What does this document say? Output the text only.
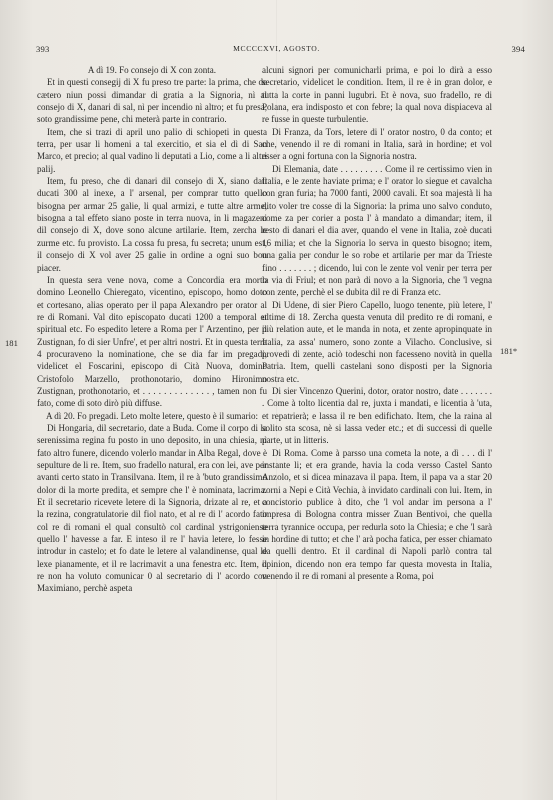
393	MCCCCXVI, AGOSTO.	394
181
181*

A dì 19. Fo consejo di X con zonta.

Et in questi consegij di X fu preso tre parte: la prima, che de cætero niun possi dimandar di gratia a la Signoria, nì al consejo di X, danari di sal, nì per incendio nì altro; et fu presa, soto grandissime pene, chi meterà parte in contrario.

Item, che si trazi di april uno palio di schiopeti in questa terra, per usar li homeni a tal exercitio, et sia el dì di San Marco, et precio; al qual vadino li deputati a Lio, come a li altri palij.

Item, fu preso, che di danari dil consejo di X, siano dati ducati 300 al inexe, a l' arsenal, per comprar tutto quello bisogna per armar 25 galie, li qual armizi, e tutte altre arme, bisogna a tal effeto siano poste in terra nuova, in li magazeni dil consejo di X, dove sono alcune artilarie. Item, zercha le zurme etc. fu provisto. La cossa fu presa, fu secreta; unum est, il consejo di X vol aver 25 galie in ordine a ogni suo bon piacer.

In questa sera vene nova, come a Concordia era morto domino Leonello Chieregato, vicentino, episcopo, homo doto et cortesano, alias operato per il papa Alexandro per orator al re di Romani. Val dito episcopato ducati 1200 a temporal et spiritual etc. Fo espedito letere a Roma per l' Arzentino, per il Zustignan, fo di sier Unfre', et per altri nostri. Et in questa terra 4 procuraveno la nominatione, che se dia far im pregadi, videlicet el Foscarini, episcopo di Cità Nuova, domino Cristofolo Marzello, prothonotario, domino Hironimo Zustignan, prothonotario, et . . . . . . . . . . . . . , tamen non fu fato, come di soto dirò più diffuse.

A dì 20. Fo pregadi. Leto molte letere, questo è il sumario:

Di Hongaria, dil secretario, date a Buda. Come il corpo di la serenissima regina fu posto in uno deposito, in una chiesia, nì fato altro funere, dicendo volerlo mandar in Alba Regal, dove è sepulture de li re. Item, suo fradello natural, era con lei, ave per avanti certo stato in Transilvana. Item, il re à 'buto grandissimo dolor di la morte predita, et sempre che l' è nominata, lacrima. Et il secretario ricevete letere di la Signoria, drizate al re, et a la rezina, congratulatorie dil fiol nato, et al re di l' acordo fato col re di romani el qual consultò col cardinal ystrigoniense quello l' havesse a far. E inteso il re l' havia letere, lo fesse introdur in castelo; et fo date le letere al valandinense, qual le lexe pianamente, et il re lacrimavit a una fenestra etc. Item, il re non ha voluto comunicar 0 al secretario di l' acordo con Maximiano, perchè aspeta

alcuni signori per comunicharli prima, e poi lo dirà a esso secretario, videlicet le condition. Item, il re è in gran dolor, e tutta la corte in panni lugubri. Et è nova, suo fradello, re di Polana, era indisposto et con febre; la qual nova dispiaceva al re fusse in queste turbulentie.

Di Franza, da Tors, letere di l' orator nostro, 0 da conto; et che, venendo il re di romani in Italia, sarà in hordine; et vol esser a ogni fortuna con la Signoria nostra.

Di Elemania, date . . . . . . . . . Come il re certissimo vien in Italia, e le zente haviate prima; e l' orator lo siegue et cavalcha con gran furia; ha 7000 fanti, 2000 cavali. Et soa majestà li ha dito voler tre cosse di la Signoria: la prima uno salvo conduto, come za per corier a posta l' à mandato a dimandar; item, il resto di danari el dia aver, quando el vene in Italia, zoè ducati 16 milia; et che la Signoria lo serva in questo bisogno; item, una galia per condur le so robe et artilarie per mar da Trieste fino . . . . . . . ; dicendo, lui con le zente vol venir per terra per la via di Friul; et non parà di novo a la Signoria, che 'l vegna con zente, perchè el se dubita dil re di Franza etc.

Di Udene, di sier Piero Capello, luogo tenente, più letere, l' ultime di 18. Zercha questa venuta dil predito re di romani, e più relation aute, et le manda in nota, et zente apropinquate in Italia, za assa' numero, sono zonte a Vilacho. Conclusive, si provedi di zente, aciò todeschi non facesseno novità in quella Patria. Item, quelli castelani sono disposti per la Signoria nostra etc.

Di sier Vincenzo Querini, dotor, orator nostro, date . . . . . . . . Come à tolto licentia dal re, juxta i mandati, e licentia à 'uta, et repatrierà; e lassa il re ben edifichato. Item, che la raina al solito sta scosa, nè si lassa veder etc.; et di successi di quelle parte, ut in litteris.

Di Roma. Come à parsso una cometa la note, a dì . . . di l' instante li; et era grande, havia la coda versso Castel Santo Anzolo, et si dicea minazava il papa. Item, il papa va a star 20 zorni a Nepi e Cità Vechia, à invidato cardinali con lui. Item, in concistorio publice à dito, che 'l vol andar im persona a l' impresa di Bologna contra misser Zuan Bentivoi, che quella terra tyrannice occupa, per redurla soto la Chiesia; e che 'l sarà in hordine di tutto; et che l' arà pocha fatica, per esser chiamato da quelli dentro. Et il cardinal di Napoli parlò contra tal opinion, dicendo non era tempo far questa movesta in Italia, venendo il re di romani al presente a Roma, poi
